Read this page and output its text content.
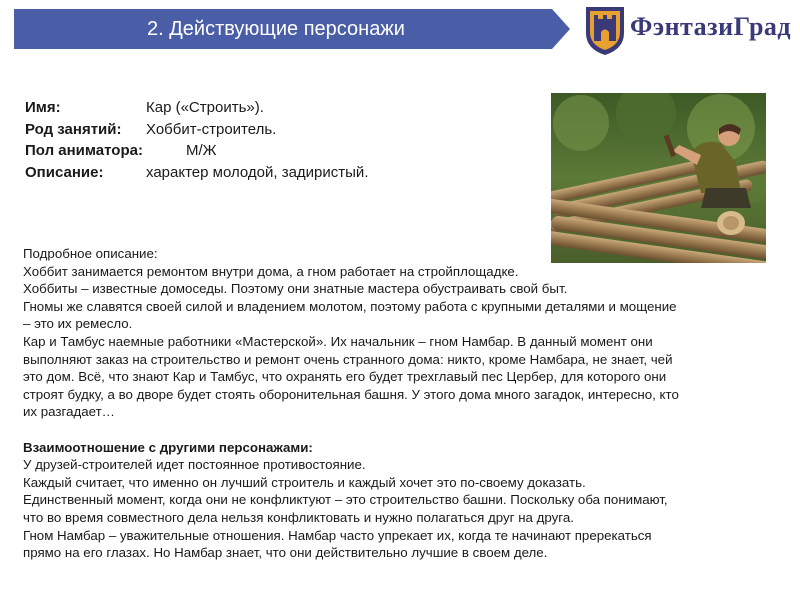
2. Действующие персонажи	ФэнтазиГрад
Имя:	Кар («Строить»).
Род занятий: Хоббит-строитель.
Пол аниматора:	М/Ж
Описание:	характер молодой, задиристый.

Подробное описание:

Хоббит занимается ремонтом внутри дома, а гном работает на стройплощадке.

Хоббиты – известные домоседы. Поэтому они знатные мастера обустраивать свой быт.

Гномы же славятся своей силой и владением молотом, поэтому работа с крупными деталями и мощение

– это их ремесло.

Кар и Тамбус наемные работники «Мастерской». Их начальник – гном Намбар. В данный момент они

выполняют заказ на строительство и ремонт очень странного дома: никто, кроме Намбара, не знает, чей

это дом. Всё, что знают Кар и Тамбус, что охранять его будет трехглавый пес Цербер, для которого они

строят будку, а во дворе будет стоять оборонительная башня. У этого дома много загадок, интересно, кто

их разгадает…

Взаимоотношение с другими персонажами:

У друзей-строителей идет постоянное противостояние.

Каждый считает, что именно он лучший строитель и каждый хочет это по-своему доказать.

Единственный момент, когда они не конфликтуют – это строительство башни. Поскольку оба понимают,

что во время совместного дела нельзя конфликтовать и нужно полагаться друг на друга.

Гном Намбар – уважительные отношения. Намбар часто упрекает их, когда те начинают пререкаться

прямо на его глазах. Но Намбар знает, что они действительно лучшие в своем деле.
